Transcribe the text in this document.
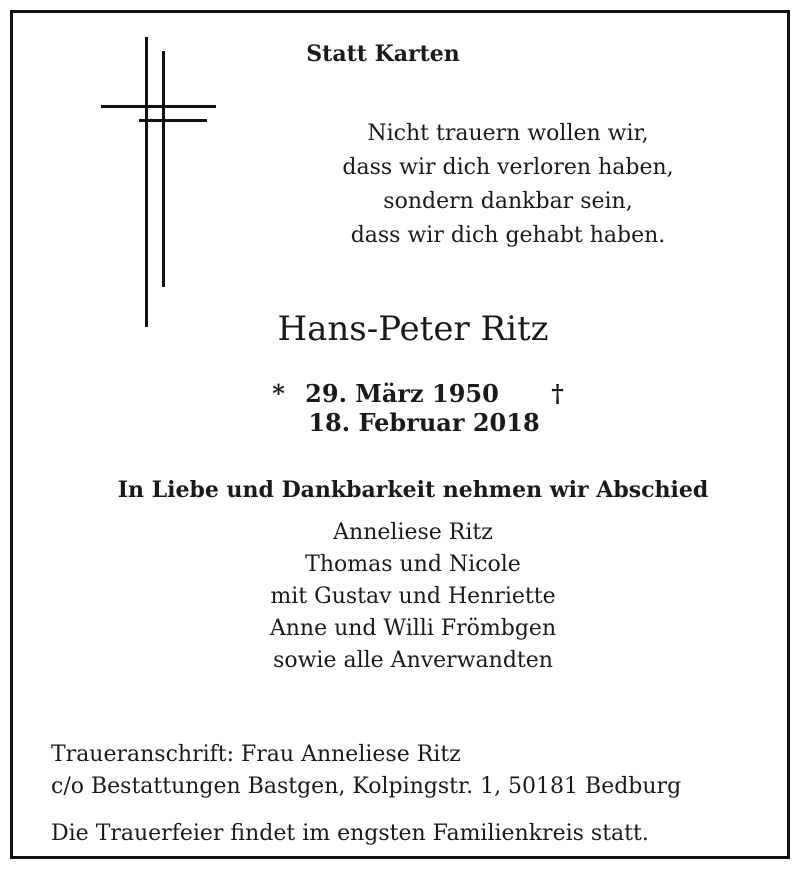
Statt Karten
Nicht trauern wollen wir,
dass wir dich verloren haben,
sondern dankbar sein,
dass wir dich gehabt haben.
Hans-Peter Ritz
* 29. März 1950 † 18. Februar 2018
In Liebe und Dankbarkeit nehmen wir Abschied
Anneliese Ritz
Thomas und Nicole
mit Gustav und Henriette
Anne und Willi Frömbgen
sowie alle Anverwandten
Traueranschrift: Frau Anneliese Ritz
c/o Bestattungen Bastgen, Kolpingstr. 1, 50181 Bedburg
Die Trauerfeier findet im engsten Familienkreis statt.
